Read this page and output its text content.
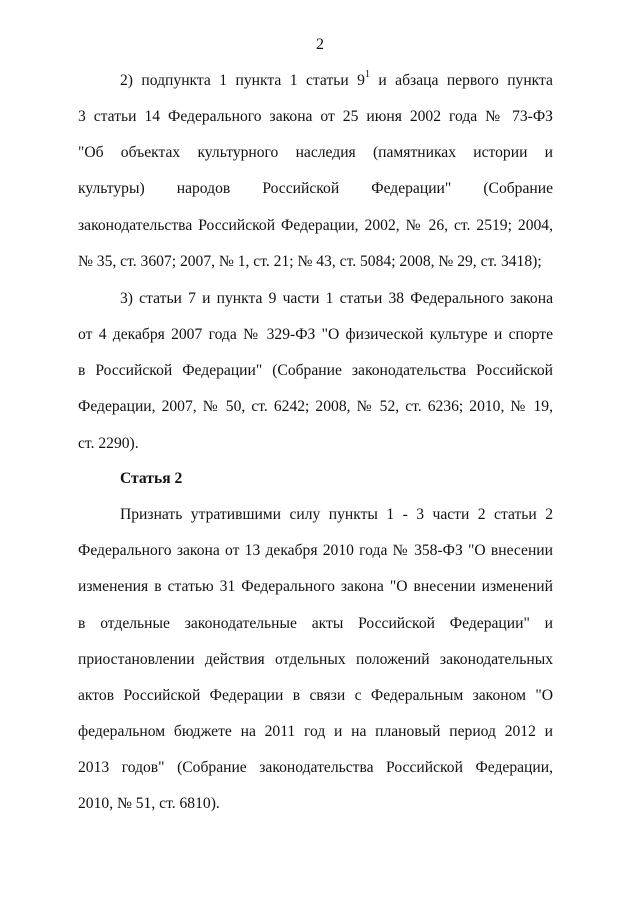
2
2) подпункта 1 пункта 1 статьи $9^1$ и абзаца первого пункта
3 статьи 14 Федерального закона от 25 июня 2002 года № 73-ФЗ
"Об объектах культурного наследия (памятниках истории и
культуры) народов Российской Федерации" (Собрание
законодательства Российской Федерации, 2002, № 26, ст. 2519; 2004,
№ 35, ст. 3607; 2007, № 1, ст. 21; № 43, ст. 5084; 2008, № 29, ст. 3418);
3) статьи 7 и пункта 9 части 1 статьи 38 Федерального закона
от 4 декабря 2007 года № 329-ФЗ "О физической культуре и спорте
в Российской Федерации" (Собрание законодательства Российской
Федерации, 2007, № 50, ст. 6242; 2008, № 52, ст. 6236; 2010, № 19,
ст. 2290).
Статья 2
Признать утратившими силу пункты 1 - 3 части 2 статьи 2
Федерального закона от 13 декабря 2010 года № 358-ФЗ "О внесении
изменения в статью 31 Федерального закона "О внесении изменений
в отдельные законодательные акты Российской Федерации" и
приостановлении действия отдельных положений законодательных
актов Российской Федерации в связи с Федеральным законом "О
федеральном бюджете на 2011 год и на плановый период 2012 и
2013 годов" (Собрание законодательства Российской Федерации,
2010, № 51, ст. 6810).
